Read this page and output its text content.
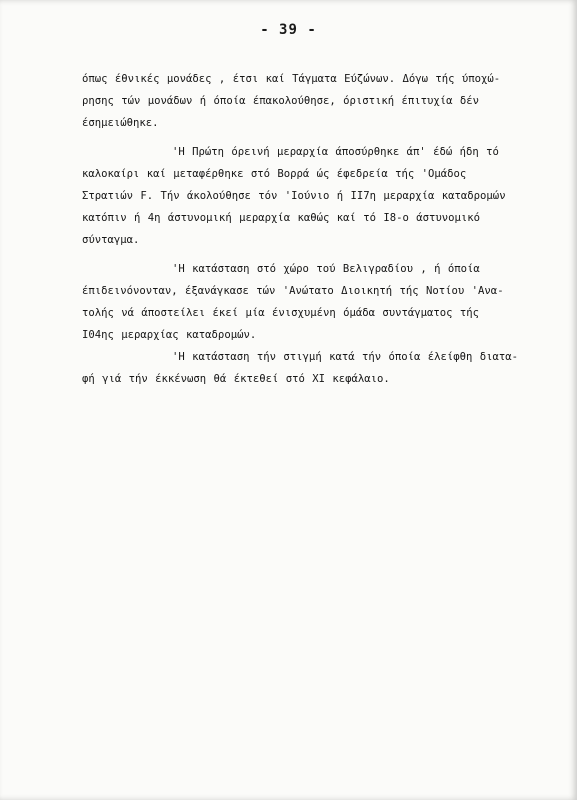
- 39 -
όπως έθνικές μονάδες , έτσι καί Τάγματα Εύζώνων. Δόγω τής ύποχώ-
ρησης τών μονάδων ή όποία έπακολούθησε, όριστική έπιτυχία δέν
έσημειώθηκε.
'Η Πρώτη όρεινή μεραρχία άποσύρθηκε άπ' έδώ ήδη τό
καλοκαίρι καί μεταφέρθηκε στό Βορρά ώς έφεδρεία τής 'Ομάδος
Στρατιών F. Τήν άκολούθησε τόν 'Ιούνιο ή II7η μεραρχία καταδρομών
κατόπιν ή 4η άστυνομική μεραρχία καθώς καί τό I8-ο άστυνομικό
σύνταγμα.
'Η κατάσταση στό χώρο τού Βελιγραδίου , ή όποία
έπιδεινόνονταν, έξανάγκασε τών 'Ανώτατο Διοικητή τής Νοτίου 'Ανα-
τολής νά άποστείλει έκεί μία ένισχυμένη όμάδα συντάγματος τής
I04ης μεραρχίας καταδρομών.
'Η κατάσταση τήν στιγμή κατά τήν όποία έλείφθη διατα-
φή γιά τήν έκκένωση θά έκτεθεί στό XI κεφάλαιο.
